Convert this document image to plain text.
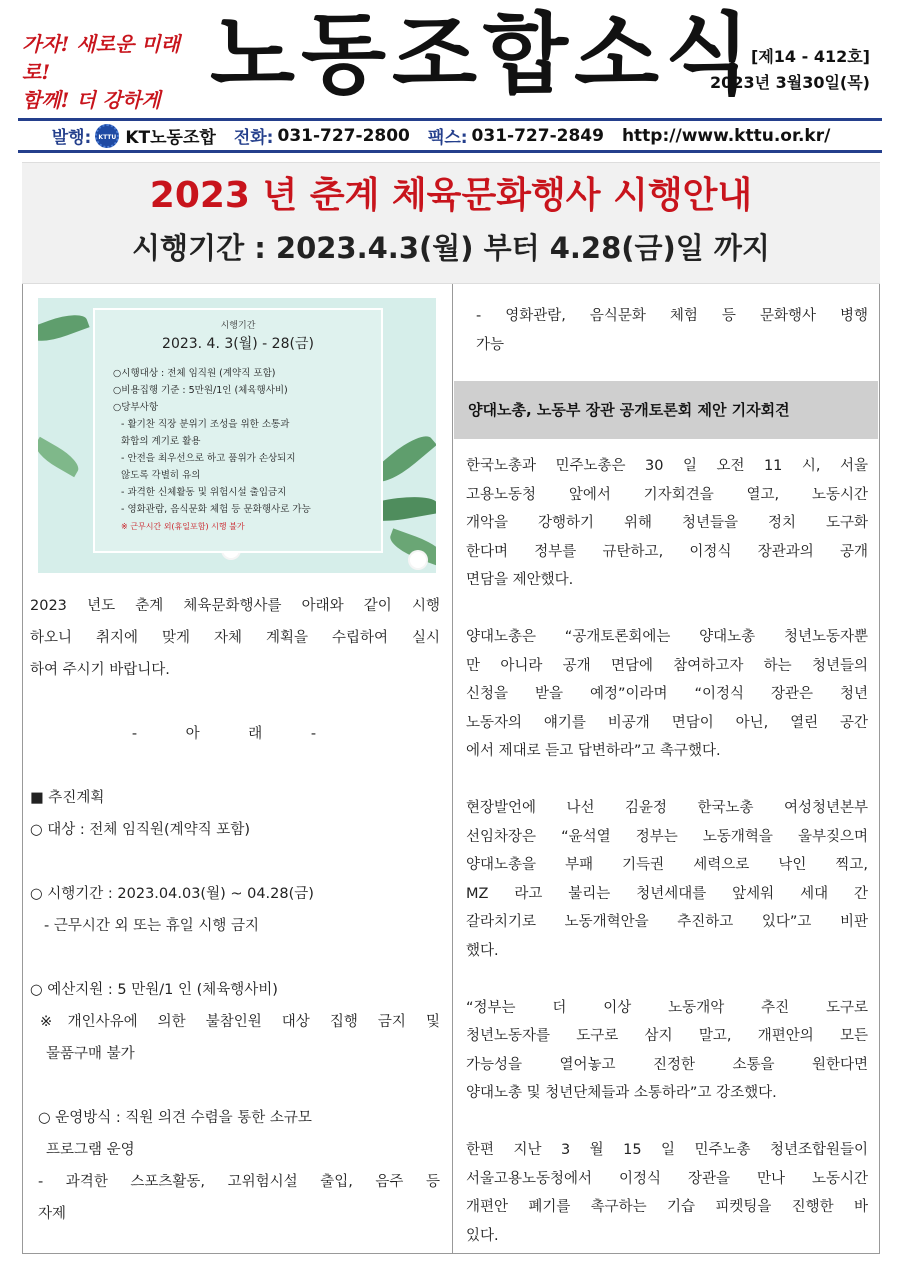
가자! 새로운 미래로!
함께! 더 강하게 노동조합소식
[제14 - 412호]
2023년 3월30일(목)
발행:	KTTU KT노동조합 전화: 031-727-2800 팩스: 031-727-2849 http://www.kttu.or.kr/
2023 년 춘계 체육문화행사 시행안내
시행기간 : 2023.4.3(월) 부터 4.28(금)일 까지
시행기간
2023. 4. 3(월) - 28(금)
○시행대상 : 전체 임직원 (계약직 포함)
○비용집행 기준 : 5만원/1인 (체육행사비)
○당부사항
- 활기찬 직장 분위기 조성을 위한 소통과
화합의 계기로 활용
- 안전을 최우선으로 하고 품위가 손상되지
않도록 각별히 유의
- 과격한 신체활동 및 위험시설 출입금지
- 영화관람, 음식문화 체험 등 문화행사로 가능
※ 근무시간 외(휴일포함) 시행 불가

2023 년도 춘계 체육문화행사를 아래와 같이 시행

하오니 취지에 맞게 자체 계획을 수립하여 실시

하여 주시기 바랍니다.

- 아 래 -

■ 추진계획

○ 대상 : 전체 임직원(계약직 포함)

○ 시행기간 : 2023.04.03(월) ~ 04.28(금)

- 근무시간 외 또는 휴일 시행 금지

○ 예산지원 : 5 만원/1 인 (체육행사비)

※개인사유에 의한 불참인원 대상 집행 금지 및

물품구매 불가

○ 운영방식 : 직원 의견 수렴을 통한 소규모

프로그램 운영

- 과격한 스포츠활동, 고위험시설 출입, 음주 등

자제

- 영화관람, 음식문화 체험 등 문화행사 병행

가능

양대노총, 노동부 장관 공개토론회 제안 기자회견

한국노총과 민주노총은 30 일 오전 11 시, 서울

고용노동청 앞에서 기자회견을 열고, 노동시간

개악을 강행하기 위해 청년들을 정치 도구화

한다며 정부를 규탄하고, 이정식 장관과의 공개

면담을 제안했다.

양대노총은 “공개토론회에는 양대노총 청년노동자뿐

만 아니라 공개 면담에 참여하고자 하는 청년들의

신청을 받을 예정”이라며 “이정식 장관은 청년

노동자의 얘기를 비공개 면담이 아닌, 열린 공간

에서 제대로 듣고 답변하라”고 촉구했다.

현장발언에 나선 김윤정 한국노총 여성청년본부

선임차장은 “윤석열 정부는 노동개혁을 울부짖으며

양대노총을 부패 기득권 세력으로 낙인 찍고,

MZ 라고 불리는 청년세대를 앞세워 세대 간

갈라치기로 노동개혁안을 추진하고 있다”고 비판

했다.

“정부는 더 이상 노동개악 추진 도구로

청년노동자를 도구로 삼지 말고, 개편안의 모든

가능성을 열어놓고 진정한 소통을 원한다면

양대노총 및 청년단체들과 소통하라”고 강조했다.

한편 지난 3 월 15 일 민주노총 청년조합원들이

서울고용노동청에서 이정식 장관을 만나 노동시간

개편안 폐기를 촉구하는 기습 피켓팅을 진행한 바

있다.
